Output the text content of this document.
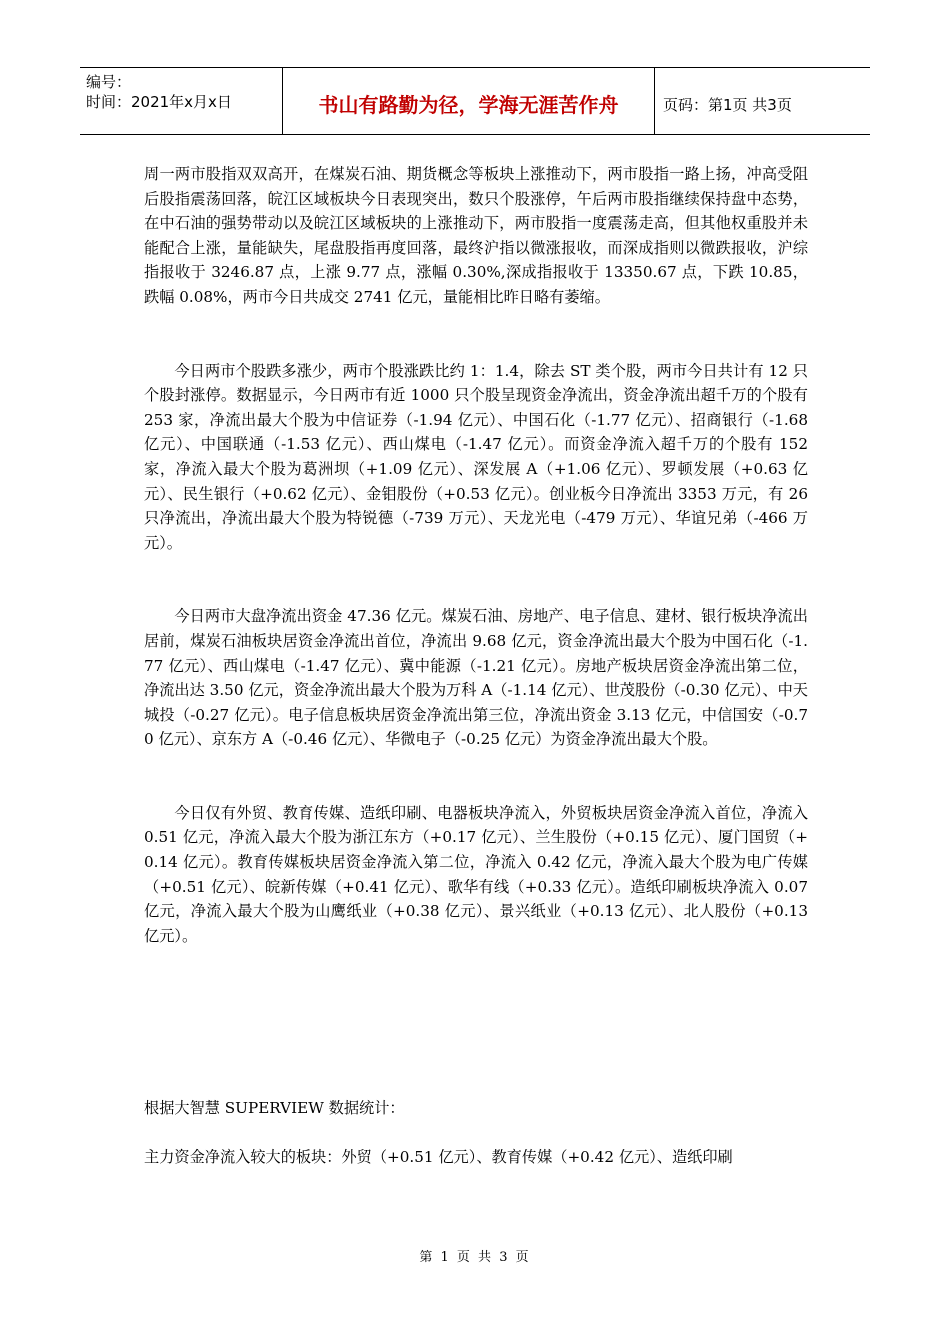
编号：
时间：2021年x月x日	书山有路勤为径，学海无涯苦作舟	页码：第1页 共3页

周一两市股指双双高开，在煤炭石油、期货概念等板块上涨推动下，两市股指一路上扬，冲高受阻后股指震荡回落，皖江区域板块今日表现突出，数只个股涨停，午后两市股指继续保持盘中态势，在中石油的强势带动以及皖江区域板块的上涨推动下，两市股指一度震荡走高，但其他权重股并未能配合上涨，量能缺失，尾盘股指再度回落，最终沪指以微涨报收，而深成指则以微跌报收，沪综指报收于 3246.87 点，上涨 9.77 点，涨幅 0.30%,深成指报收于 13350.67 点，下跌 10.85，跌幅 0.08%，两市今日共成交 2741 亿元，量能相比昨日略有萎缩。

今日两市个股跌多涨少，两市个股涨跌比约 1：1.4，除去 ST 类个股，两市今日共计有 12 只个股封涨停。数据显示，今日两市有近 1000 只个股呈现资金净流出，资金净流出超千万的个股有 253 家，净流出最大个股为中信证券（-1.94 亿元）、中国石化（-1.77 亿元）、招商银行（-1.68 亿元）、中国联通（-1.53 亿元）、西山煤电（-1.47 亿元）。而资金净流入超千万的个股有 152 家，净流入最大个股为葛洲坝（+1.09 亿元）、深发展 A（+1.06 亿元）、罗顿发展（+0.63 亿元）、民生银行（+0.62 亿元）、金钼股份（+0.53 亿元）。创业板今日净流出 3353 万元，有 26 只净流出，净流出最大个股为特锐德（-739 万元）、天龙光电（-479 万元）、华谊兄弟（-466 万元）。

今日两市大盘净流出资金 47.36 亿元。煤炭石油、房地产、电子信息、建材、银行板块净流出居前，煤炭石油板块居资金净流出首位，净流出 9.68 亿元，资金净流出最大个股为中国石化（-1.77 亿元）、西山煤电（-1.47 亿元）、冀中能源（-1.21 亿元）。房地产板块居资金净流出第二位，净流出达 3.50 亿元，资金净流出最大个股为万科 A（-1.14 亿元）、世茂股份（-0.30 亿元）、中天城投（-0.27 亿元）。电子信息板块居资金净流出第三位，净流出资金 3.13 亿元，中信国安（-0.70 亿元）、京东方 A（-0.46 亿元）、华微电子（-0.25 亿元）为资金净流出最大个股。

今日仅有外贸、教育传媒、造纸印刷、电器板块净流入，外贸板块居资金净流入首位，净流入 0.51 亿元，净流入最大个股为浙江东方（+0.17 亿元）、兰生股份（+0.15 亿元）、厦门国贸（+0.14 亿元）。教育传媒板块居资金净流入第二位，净流入 0.42 亿元，净流入最大个股为电广传媒（+0.51 亿元）、皖新传媒（+0.41 亿元）、歌华有线（+0.33 亿元）。造纸印刷板块净流入 0.07 亿元，净流入最大个股为山鹰纸业（+0.38 亿元）、景兴纸业（+0.13 亿元）、北人股份（+0.13 亿元）。

根据大智慧 SUPERVIEW 数据统计：

主力资金净流入较大的板块：外贸（+0.51 亿元）、教育传媒（+0.42 亿元）、造纸印刷

第 1 页 共 3 页
